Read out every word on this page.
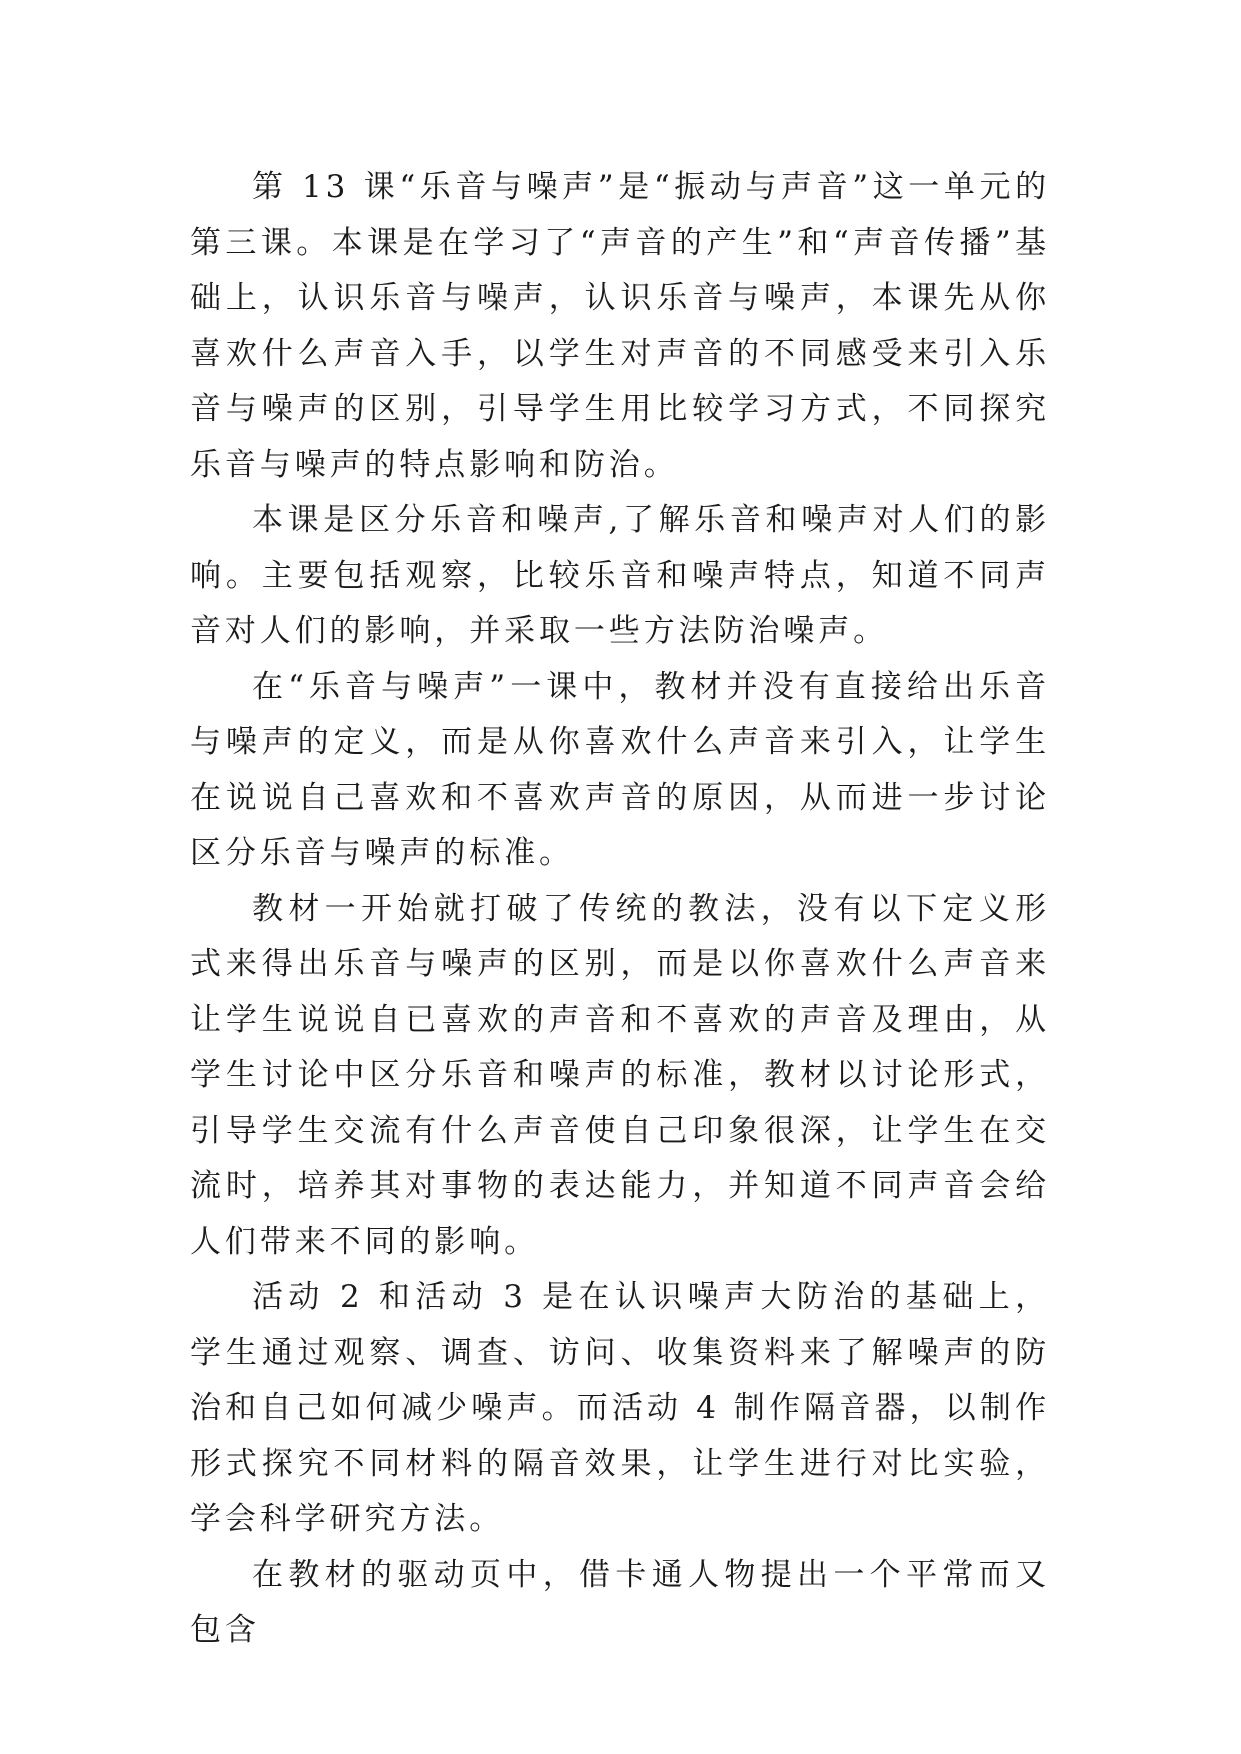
第 13 课“乐音与噪声”是“振动与声音”这一单元的第三课。本课是在学习了“声音的产生”和“声音传播”基础上，认识乐音与噪声，认识乐音与噪声，本课先从你喜欢什么声音入手，以学生对声音的不同感受来引入乐音与噪声的区别，引导学生用比较学习方式，不同探究乐音与噪声的特点影响和防治。

本课是区分乐音和噪声,了解乐音和噪声对人们的影响。主要包括观察，比较乐音和噪声特点，知道不同声音对人们的影响，并采取一些方法防治噪声。

在“乐音与噪声”一课中，教材并没有直接给出乐音与噪声的定义，而是从你喜欢什么声音来引入，让学生在说说自己喜欢和不喜欢声音的原因，从而进一步讨论区分乐音与噪声的标准。

教材一开始就打破了传统的教法，没有以下定义形式来得出乐音与噪声的区别，而是以你喜欢什么声音来让学生说说自已喜欢的声音和不喜欢的声音及理由，从学生讨论中区分乐音和噪声的标准，教材以讨论形式，引导学生交流有什么声音使自己印象很深，让学生在交流时，培养其对事物的表达能力，并知道不同声音会给人们带来不同的影响。

活动 2 和活动 3 是在认识噪声大防治的基础上，学生通过观察、调查、访问、收集资料来了解噪声的防治和自己如何减少噪声。而活动 4 制作隔音器，以制作形式探究不同材料的隔音效果，让学生进行对比实验，学会科学研究方法。

在教材的驱动页中，借卡通人物提出一个平常而又包含
